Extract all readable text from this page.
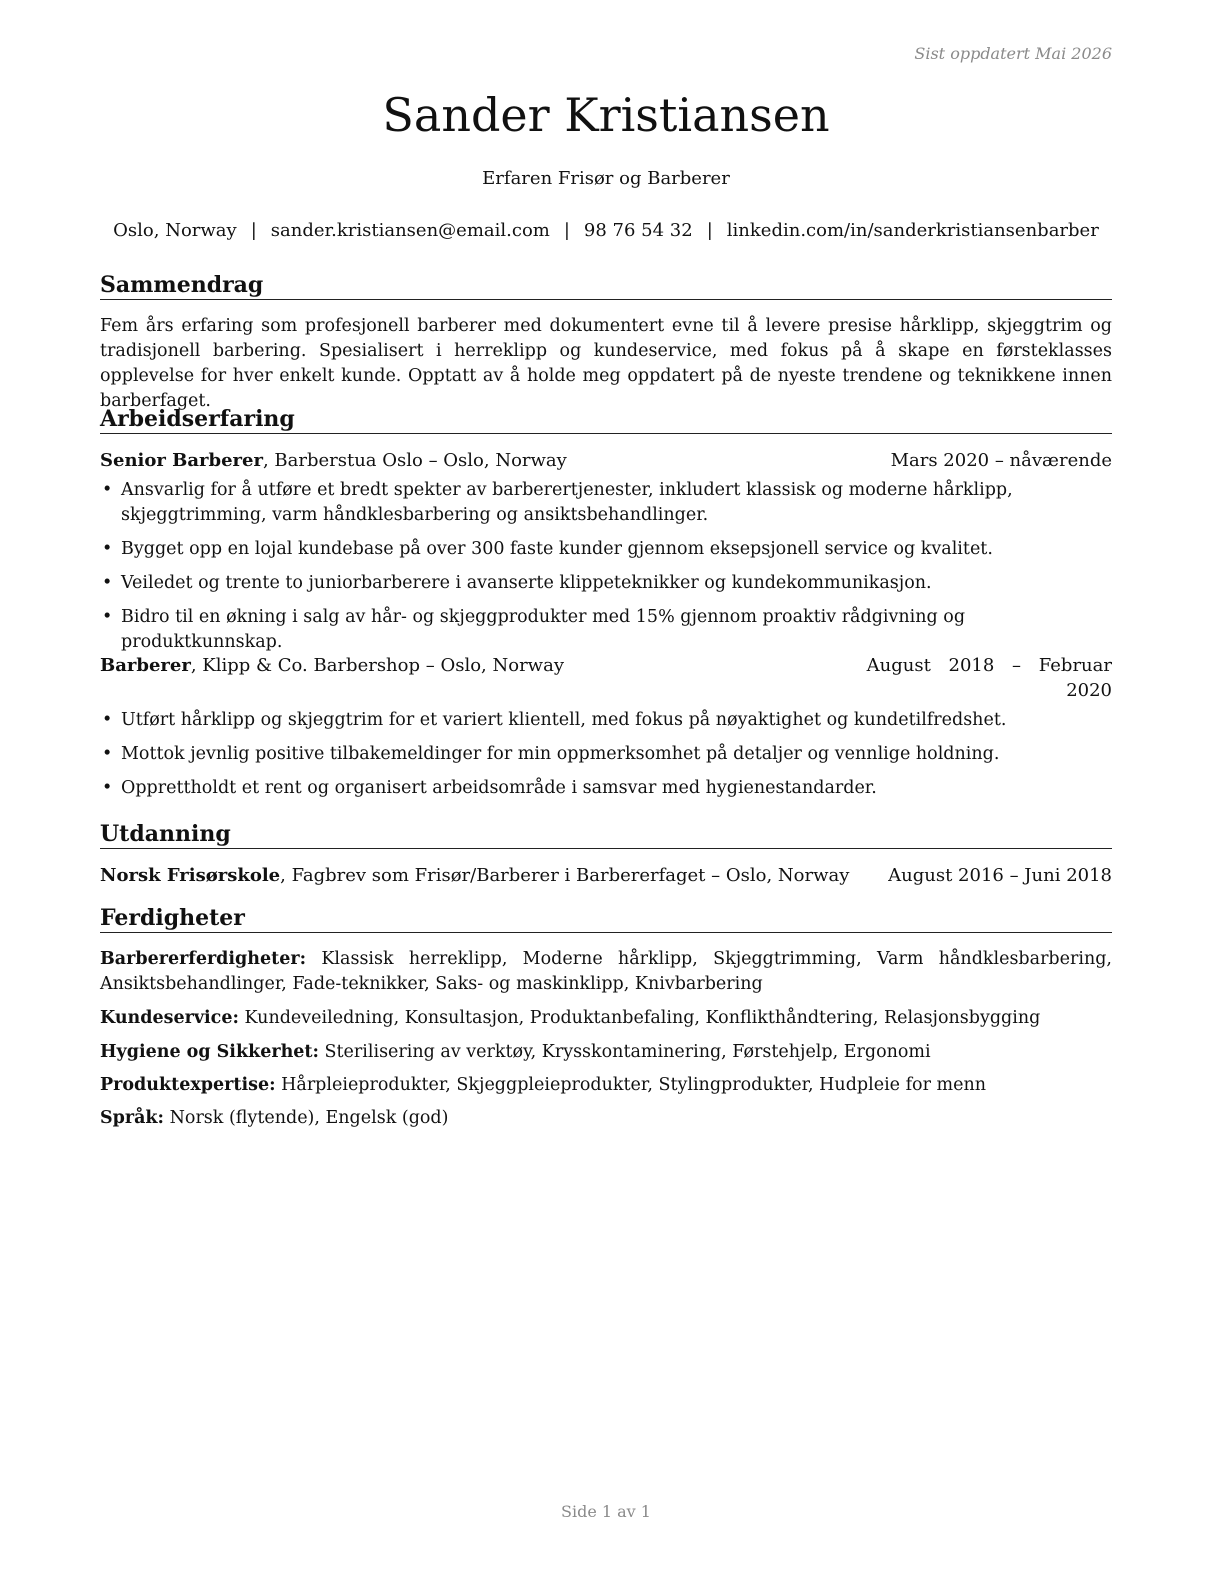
Sist oppdatert Mai 2026
Sander Kristiansen
Erfaren Frisør og Barberer
Oslo, Norway | sander.kristiansen@email.com | 98 76 54 32 | linkedin.com/in/sanderkristiansenbarber
Sammendrag
Fem års erfaring som profesjonell barberer med dokumentert evne til å levere presise hårklipp, skjeggtrim og tradisjonell barbering. Spesialisert i herreklipp og kundeservice, med fokus på å skape en førsteklasses opplevelse for hver enkelt kunde. Opptatt av å holde meg oppdatert på de nyeste trendene og teknikkene innen barberfaget.
Arbeidserfaring
Senior Barberer, Barberstua Oslo – Oslo, Norway	Mars 2020 – nåværende
• Ansvarlig for å utføre et bredt spekter av barberertjenester, inkludert klassisk og moderne hårklipp, skjeggtrimming, varm håndklesbarbering og ansiktsbehandlinger.
• Bygget opp en lojal kundebase på over 300 faste kunder gjennom eksepsjonell service og kvalitet.
• Veiledet og trente to juniorbarberere i avanserte klippeteknikker og kundekommunikasjon.
• Bidro til en økning i salg av hår- og skjeggprodukter med 15% gjennom proaktiv rådgivning og produktkunnskap.
Barberer, Klipp & Co. Barbershop – Oslo, Norway	August 2018 – Februar
2020
• Utført hårklipp og skjeggtrim for et variert klientell, med fokus på nøyaktighet og kundetilfredshet.
• Mottok jevnlig positive tilbakemeldinger for min oppmerksomhet på detaljer og vennlige holdning.
• Opprettholdt et rent og organisert arbeidsområde i samsvar med hygienestandarder.
Utdanning
Norsk Frisørskole, Fagbrev som Frisør/Barberer i Barbererfaget – Oslo, Norway August 2016 – Juni 2018
Ferdigheter
Barbererferdigheter: Klassisk herreklipp, Moderne hårklipp, Skjeggtrimming, Varm håndklesbarbering, Ansiktsbehandlinger, Fade-teknikker, Saks- og maskinklipp, Knivbarbering
Kundeservice: Kundeveiledning, Konsultasjon, Produktanbefaling, Konflikthåndtering, Relasjonsbygging
Hygiene og Sikkerhet: Sterilisering av verktøy, Krysskontaminering, Førstehjelp, Ergonomi
Produktexpertise: Hårpleieprodukter, Skjeggpleieprodukter, Stylingprodukter, Hudpleie for menn
Språk: Norsk (flytende), Engelsk (god)
Side 1 av 1
